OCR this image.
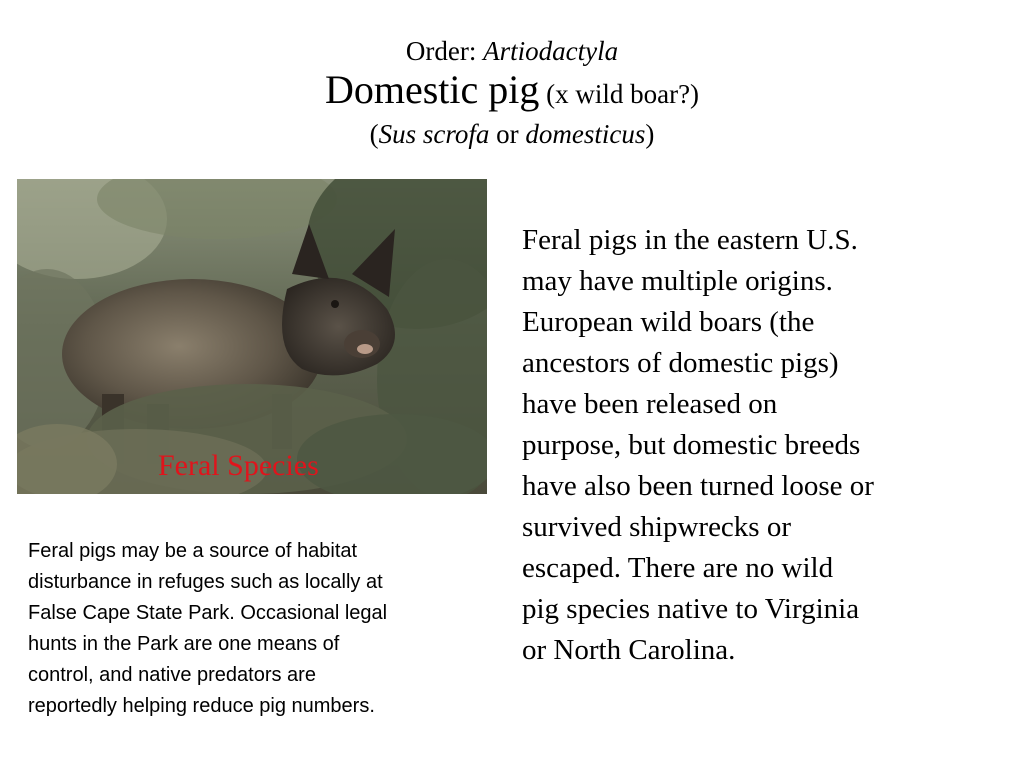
Order: Artiodactyla
Domestic pig (x wild boar?)
(Sus scrofa or domesticus)
Feral Species
Feral pigs may be a source of habitat
disturbance in refuges such as locally at
False Cape State Park. Occasional legal
hunts in the Park are one means of
control, and native predators are
reportedly helping reduce pig numbers.
Feral pigs in the eastern U.S.
may have multiple origins.
European wild boars (the
ancestors of domestic pigs)
have been released on
purpose, but domestic breeds
have also been turned loose or
survived shipwrecks or
escaped. There are no wild
pig species native to Virginia
or North Carolina.
